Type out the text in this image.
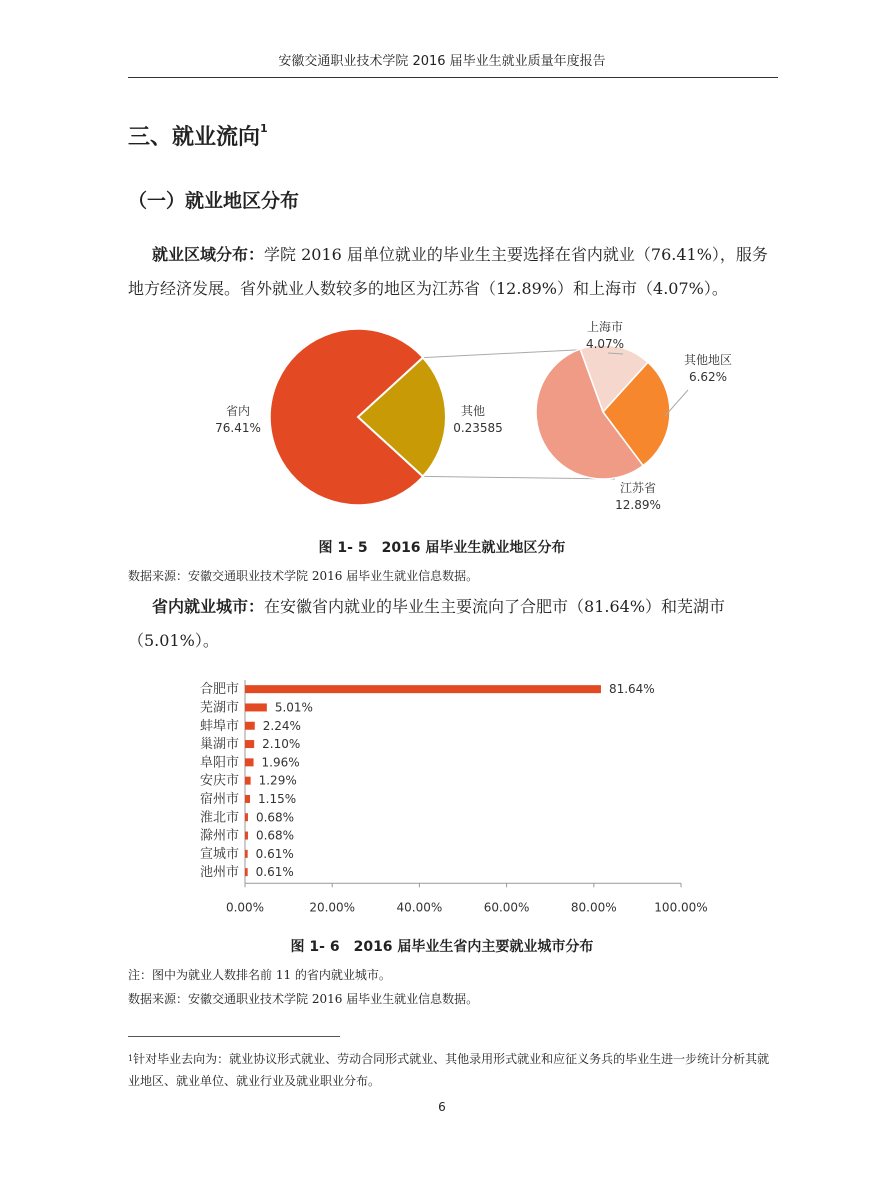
安徽交通职业技术学院 2016 届毕业生就业质量年度报告
三、就业流向$^1$
（一）就业地区分布
  就业区域分布：学院 2016 届单位就业的毕业生主要选择在省内就业（76.41%），服务地方经济发展。省外就业人数较多的地区为江苏省（12.89%）和上海市（4.07%）。
省内
76.41%
其他
0.23585
上海市
4.07%
其他地区
6.62%
江苏省
12.89%
图 1- 5　2016 届毕业生就业地区分布
数据来源：安徽交通职业技术学院 2016 届毕业生就业信息数据。
  省内就业城市：在安徽省内就业的毕业生主要流向了合肥市（81.64%）和芜湖市（5.01%）。
0.00%	20.00%	40.00%	60.00%	80.00%	100.00%
合肥市	81.64%
芜湖市	5.01%
蚌埠市 2.24%
巢湖市 2.10%
阜阳市 1.96%
安庆市 1.29%
宿州市 1.15%
淮北市 0.68%
滁州市 0.68%
宣城市 0.61%
池州市 0.61%
图 1- 6　2016 届毕业生省内主要就业城市分布
注：图中为就业人数排名前 11 的省内就业城市。
数据来源：安徽交通职业技术学院 2016 届毕业生就业信息数据。
$^1$针对毕业去向为：就业协议形式就业、劳动合同形式就业、其他录用形式就业和应征义务兵的毕业生进一步统计分析其就业地区、就业单位、就业行业及就业职业分布。
6
